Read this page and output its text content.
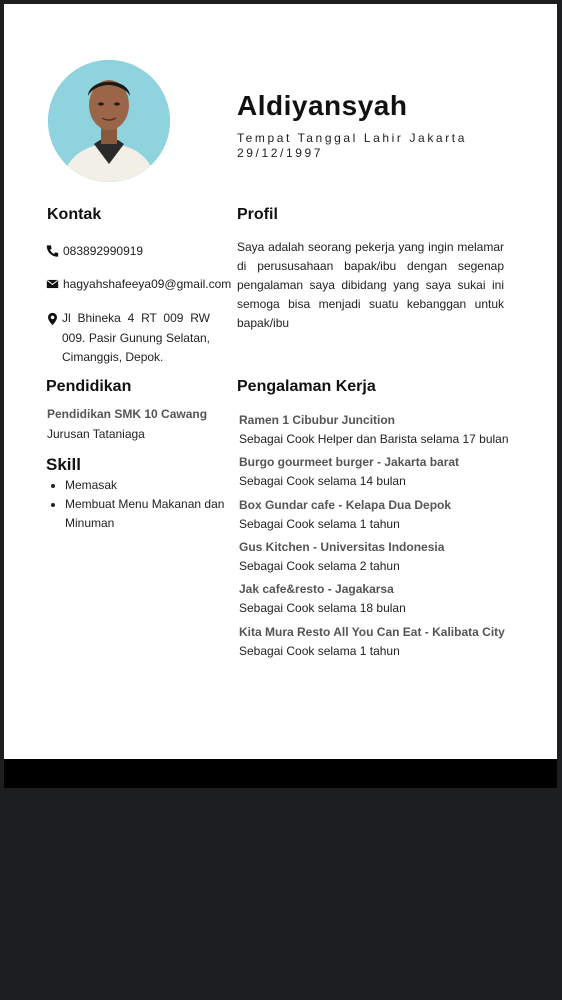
Aldiyansyah
Tempat Tanggal Lahir Jakarta
29/12/1997
Kontak	Profil
083892990919
hagyahshafeeya09@gmail.com
Jl Bhineka 4 RT 009 RW 009. Pasir Gunung Selatan, Cimanggis, Depok.
Saya adalah seorang pekerja yang ingin melamar di perususahaan bapak/ibu dengan segenap pengalaman saya dibidang yang saya sukai ini semoga bisa menjadi suatu kebanggan untuk bapak/ibu
Pendidikan
Pendidikan SMK 10 Cawang
Jurusan Tataniaga
Skill
• Memasak
• Membuat Menu Makanan dan Minuman
Pengalaman Kerja
Ramen 1 Cibubur Juncition
Sebagai Cook Helper dan Barista selama 17 bulan
Burgo gourmeet burger - Jakarta barat
Sebagai Cook selama 14 bulan
Box Gundar cafe - Kelapa Dua Depok
Sebagai Cook selama 1 tahun
Gus Kitchen - Universitas Indonesia
Sebagai Cook selama 2 tahun
Jak cafe&resto - Jagakarsa
Sebagai Cook selama 18 bulan
Kita Mura Resto All You Can Eat - Kalibata City
Sebagai Cook selama 1 tahun
